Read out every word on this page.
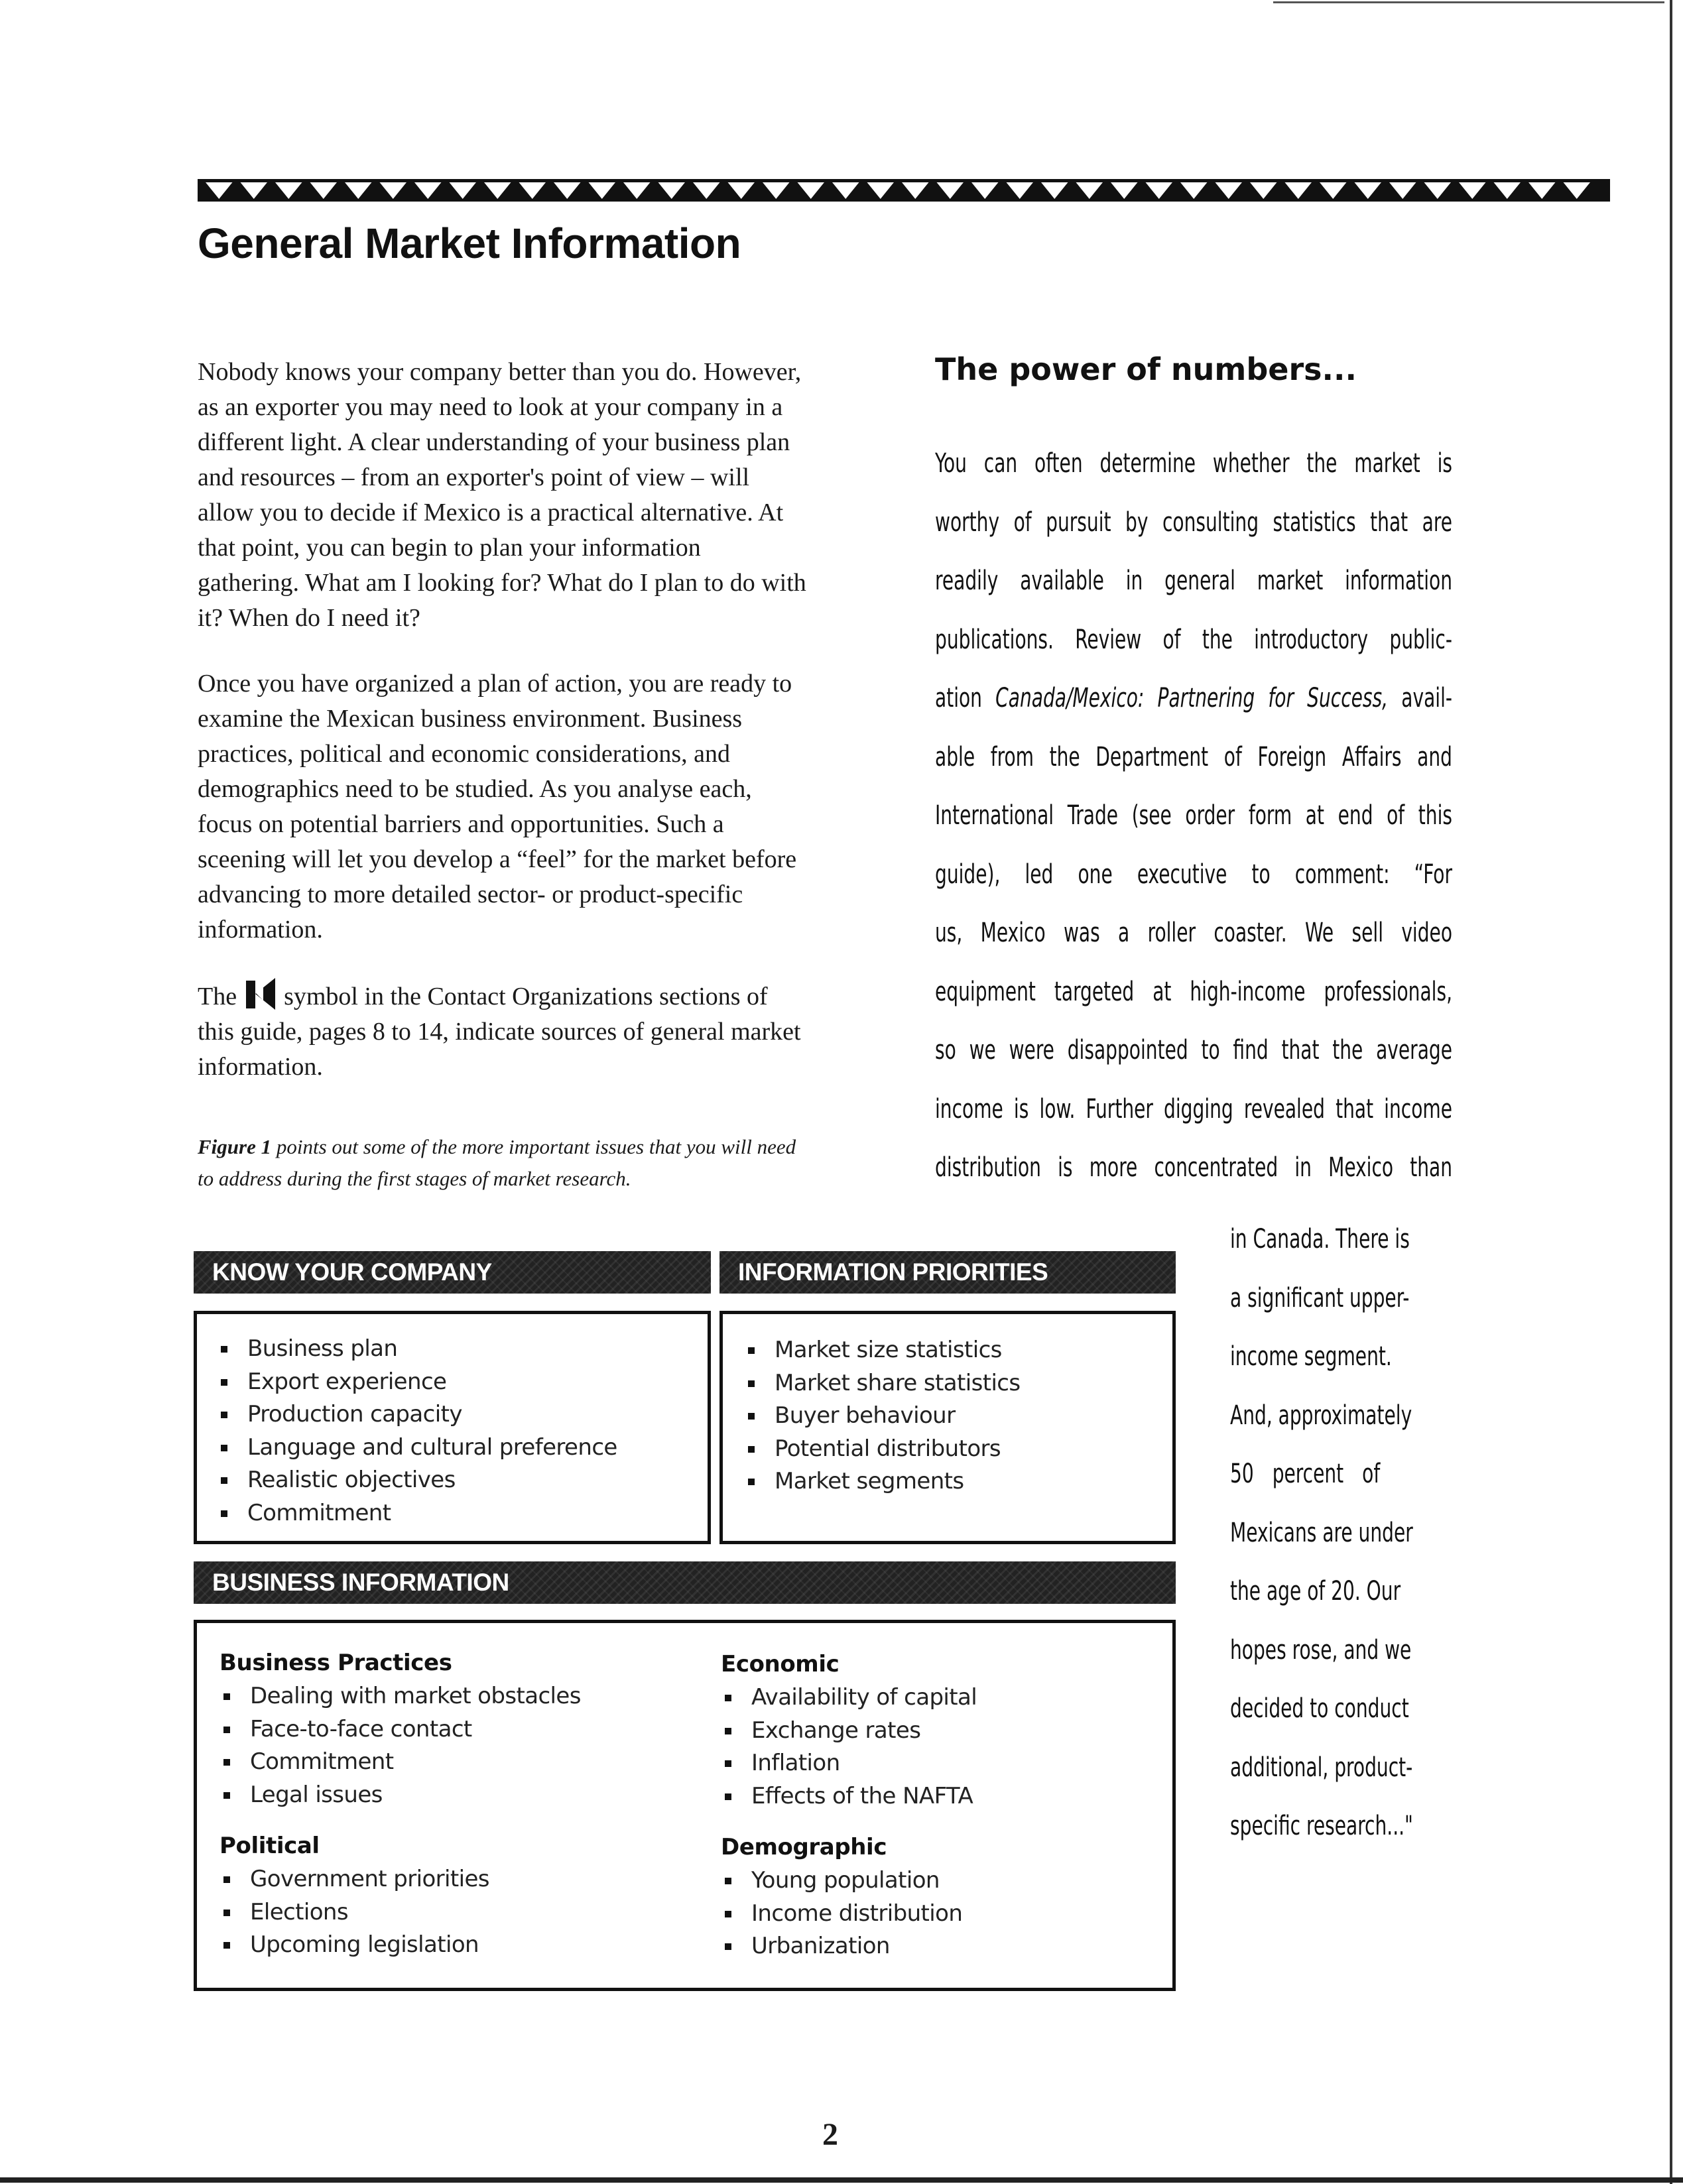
General Market Information

Nobody knows your company better than you do. However, as an exporter you may need to look at your company in a different light. A clear understanding of your business plan and resources – from an exporter's point of view – will allow you to decide if Mexico is a practical alternative. At that point, you can begin to plan your information gathering. What am I looking for? What do I plan to do with it? When do I need it?

Once you have organized a plan of action, you are ready to examine the Mexican business environment. Business practices, political and economic considerations, and demographics need to be studied. As you analyse each, focus on potential barriers and opportunities. Such a sceening will let you develop a “feel” for the market before advancing to more detailed sector- or product-specific information.

The symbol in the Contact Organizations sections of this guide, pages 8 to 14, indicate sources of general market information.

Figure 1 points out some of the more important issues that you will need to address during the first stages of market research.

The power of numbers...
You can often determine whether the market is
worthy of pursuit by consulting statistics that are
readily available in general market information
publications. Review of the introductory public-
ation Canada/Mexico: Partnering for Success, avail-
able from the Department of Foreign Affairs and
International Trade (see order form at end of this
guide), led one executive to comment: “For
us, Mexico was a roller coaster. We sell video
equipment targeted at high-income professionals,
so we were disappointed to find that the average
income is low. Further digging revealed that income
distribution is more concentrated in Mexico than
in Canada. There is
a significant upper-
income segment.
And, approximately
50 percent of
Mexicans are under
the age of 20. Our
hopes rose, and we
decided to conduct
additional, product-
specific research..."
KNOW YOUR COMPANY
Business plan
Export experience
Production capacity
Language and cultural preference
Realistic objectives
Commitment
INFORMATION PRIORITIES
Market size statistics
Market share statistics
Buyer behaviour
Potential distributors
Market segments
BUSINESS INFORMATION
Business Practices
Dealing with market obstacles
Face-to-face contact
Commitment
Legal issues
Political
Government priorities
Elections
Upcoming legislation
Economic
Availability of capital
Exchange rates
Inflation
Effects of the NAFTA
Demographic
Young population
Income distribution
Urbanization
2
